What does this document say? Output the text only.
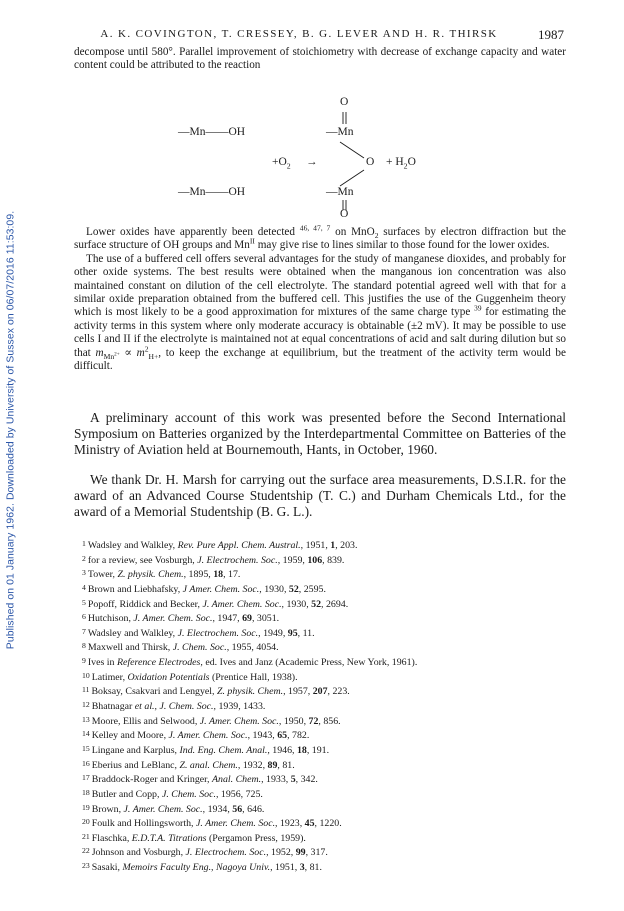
Published on 01 January 1962. Downloaded by University of Sussex on 06/07/2016 11:53:09.
A. K. COVINGTON, T. CRESSEY, B. G. LEVER AND H. R. THIRSK	1987

decompose until 580°. Parallel improvement of stoichiometry with decrease of exchange capacity and water content could be attributed to the reaction

O
—Mn——OH	—Mn
$+O_2$ →	$O + H_2O$
—Mn——OH	—Mn
O

Lower oxides have apparently been detected $^{46, 47, 7}$ on MnO$_2$ surfaces by electron diffraction but the surface structure of OH groups and $Mn^{II}$ may give rise to lines similar to those found for the lower oxides.

The use of a buffered cell offers several advantages for the study of manganese dioxides, and probably for other oxide systems. The best results were obtained when the manganous ion concentration was also maintained constant on dilution of the cell electrolyte. The standard potential agreed well with that for a similar oxide preparation obtained from the buffered cell. This justifies the use of the Guggenheim theory which is most likely to be a good approximation for mixtures of the same charge type $^{39}$ for estimating the activity terms in this system where only moderate accuracy is obtainable (±2 mV). It may be possible to use cells I and II if the electrolyte is maintained not at equal concentrations of acid and salt during dilution but so that $m_{Mn^{2+}} \propto m^2_{H+}$, to keep the exchange at equilibrium, but the treatment of the activity term would be difficult.

A preliminary account of this work was presented before the Second International Symposium on Batteries organized by the Interdepartmental Committee on Batteries of the Ministry of Aviation held at Bournemouth, Hants, in October, 1960.

We thank Dr. H. Marsh for carrying out the surface area measurements, D.S.I.R. for the award of an Advanced Course Studentship (T. C.) and Durham Chemicals Ltd., for the award of a Memorial Studentship (B. G. L.).

1 Wadsley and Walkley, Rev. Pure Appl. Chem. Austral., 1951, 1, 203.
2 for a review, see Vosburgh, J. Electrochem. Soc., 1959, 106, 839.
3 Tower, Z. physik. Chem., 1895, 18, 17.
4 Brown and Liebhafsky, J Amer. Chem. Soc., 1930, 52, 2595.
5 Popoff, Riddick and Becker, J. Amer. Chem. Soc., 1930, 52, 2694.
6 Hutchison, J. Amer. Chem. Soc., 1947, 69, 3051.
7 Wadsley and Walkley, J. Electrochem. Soc., 1949, 95, 11.
8 Maxwell and Thirsk, J. Chem. Soc., 1955, 4054.
9 Ives in Reference Electrodes, ed. Ives and Janz (Academic Press, New York, 1961).
10 Latimer, Oxidation Potentials (Prentice Hall, 1938).
11 Boksay, Csakvari and Lengyel, Z. physik. Chem., 1957, 207, 223.
12 Bhatnagar et al., J. Chem. Soc., 1939, 1433.
13 Moore, Ellis and Selwood, J. Amer. Chem. Soc., 1950, 72, 856.
14 Kelley and Moore, J. Amer. Chem. Soc., 1943, 65, 782.
15 Lingane and Karplus, Ind. Eng. Chem. Anal., 1946, 18, 191.
16 Eberius and LeBlanc, Z. anal. Chem., 1932, 89, 81.
17 Braddock-Roger and Kringer, Anal. Chem., 1933, 5, 342.
18 Butler and Copp, J. Chem. Soc., 1956, 725.
19 Brown, J. Amer. Chem. Soc., 1934, 56, 646.
20 Foulk and Hollingsworth, J. Amer. Chem. Soc., 1923, 45, 1220.
21 Flaschka, E.D.T.A. Titrations (Pergamon Press, 1959).
22 Johnson and Vosburgh, J. Electrochem. Soc., 1952, 99, 317.
23 Sasaki, Memoirs Faculty Eng., Nagoya Univ., 1951, 3, 81.
